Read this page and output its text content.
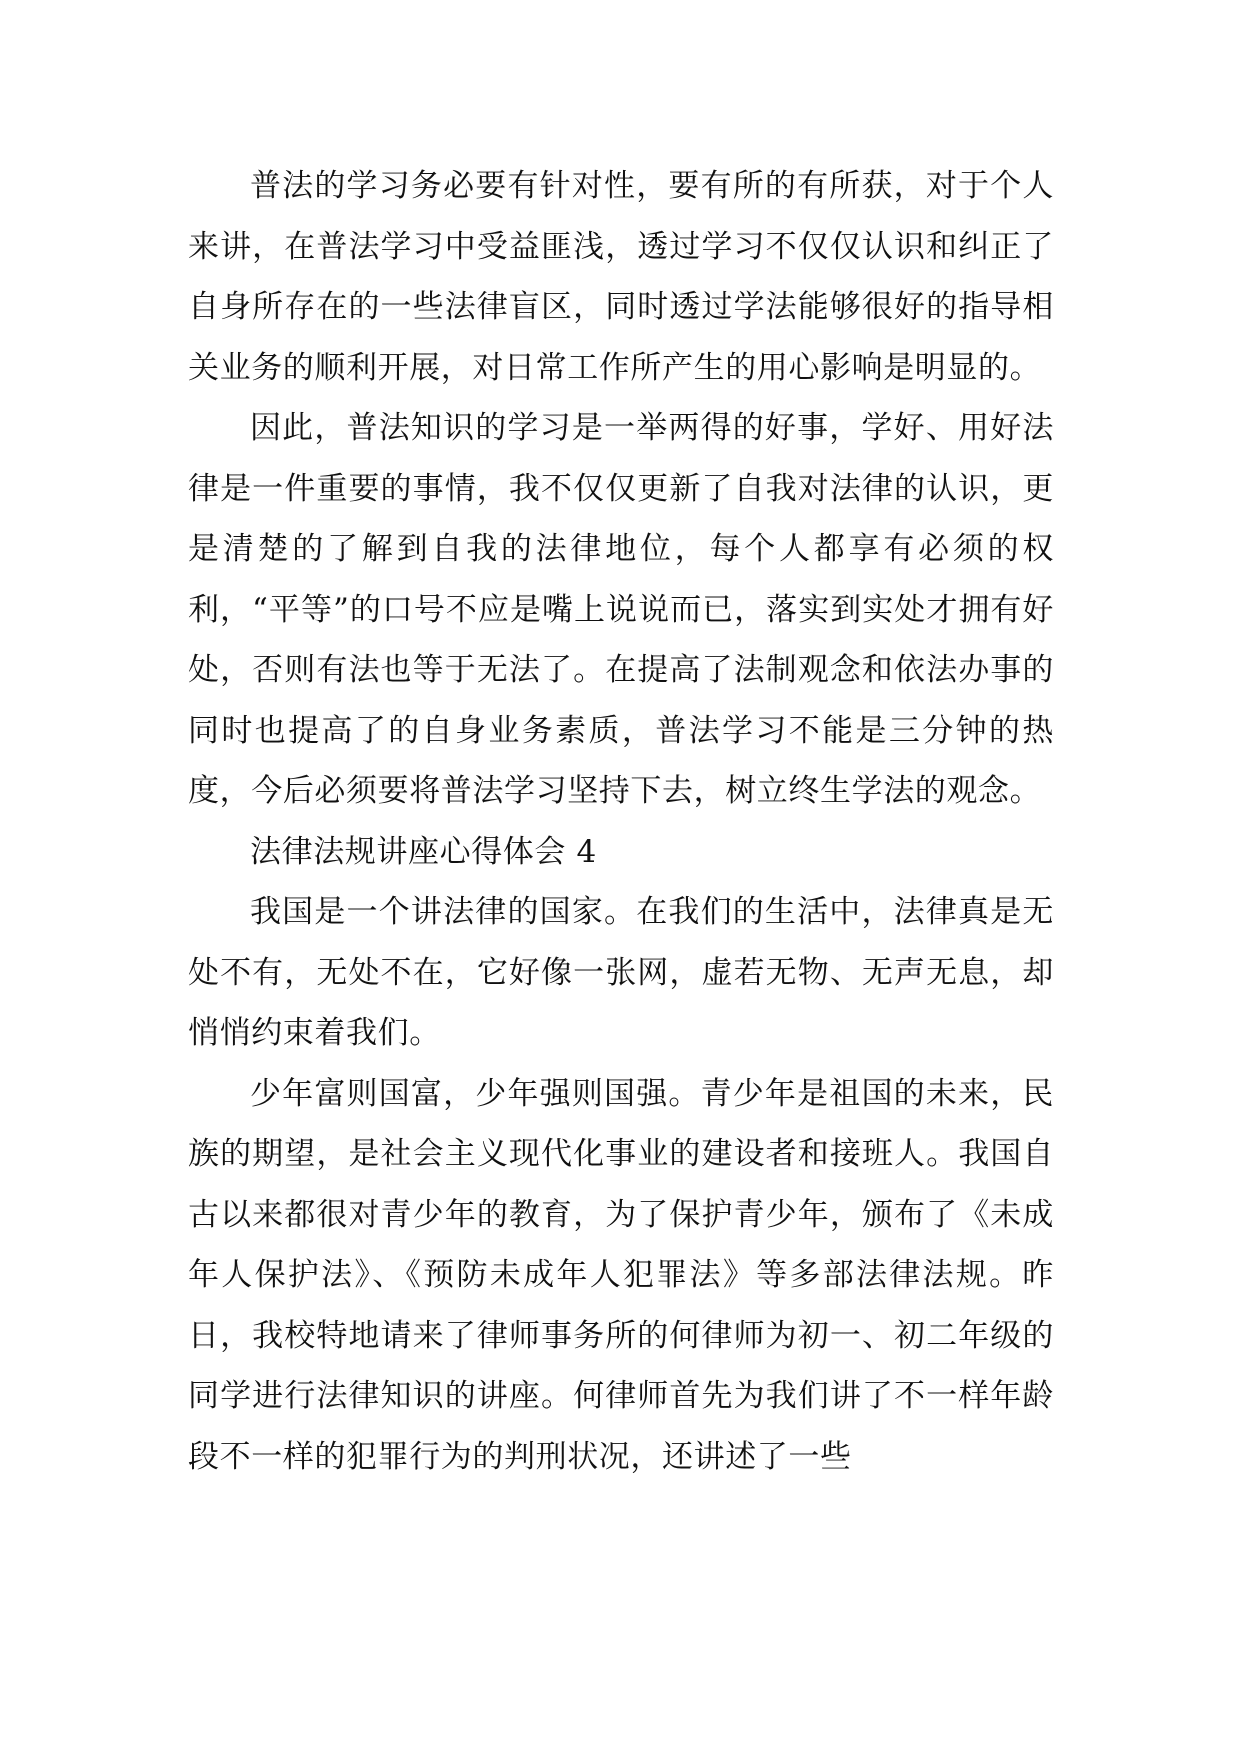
普法的学习务必要有针对性，要有所的有所获，对于个人来讲，在普法学习中受益匪浅，透过学习不仅仅认识和纠正了自身所存在的一些法律盲区，同时透过学法能够很好的指导相关业务的顺利开展，对日常工作所产生的用心影响是明显的。

因此，普法知识的学习是一举两得的好事，学好、用好法律是一件重要的事情，我不仅仅更新了自我对法律的认识，更是清楚的了解到自我的法律地位，每个人都享有必须的权利，“平等”的口号不应是嘴上说说而已，落实到实处才拥有好处，否则有法也等于无法了。在提高了法制观念和依法办事的同时也提高了的自身业务素质，普法学习不能是三分钟的热度，今后必须要将普法学习坚持下去，树立终生学法的观念。

法律法规讲座心得体会 4

我国是一个讲法律的国家。在我们的生活中，法律真是无处不有，无处不在，它好像一张网，虚若无物、无声无息，却悄悄约束着我们。

少年富则国富，少年强则国强。青少年是祖国的未来，民族的期望，是社会主义现代化事业的建设者和接班人。我国自古以来都很对青少年的教育，为了保护青少年，颁布了《未成年人保护法》、《预防未成年人犯罪法》等多部法律法规。昨日，我校特地请来了律师事务所的何律师为初一、初二年级的同学进行法律知识的讲座。何律师首先为我们讲了不一样年龄段不一样的犯罪行为的判刑状况，还讲述了一些
